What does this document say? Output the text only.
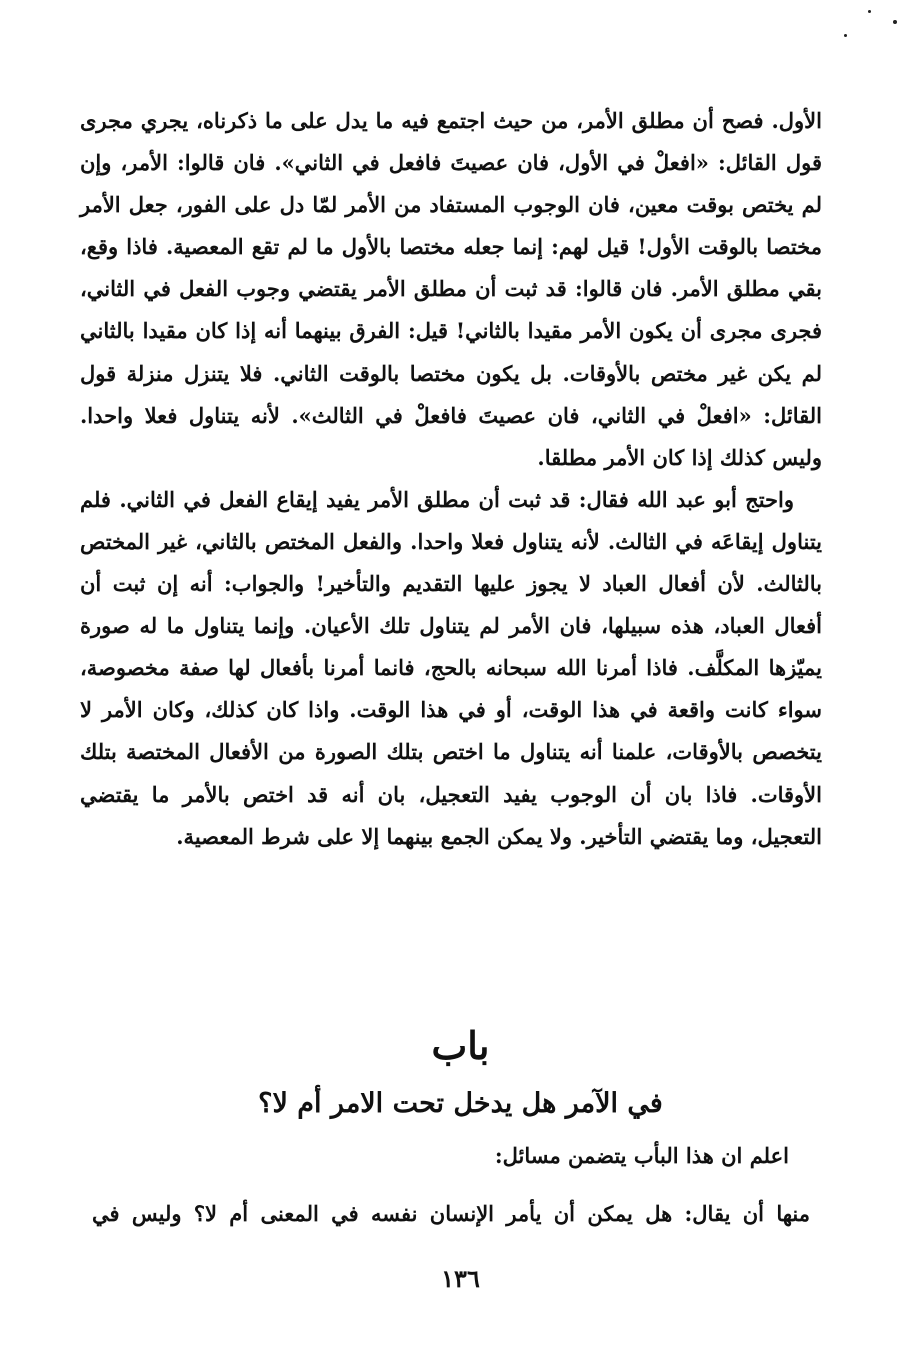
الأول. فصح أن مطلق الأمر، من حيث اجتمع فيه ما يدل على ما ذكرناه، يجري مجرى قول القائل: «افعلْ في الأول، فان عصيتَ فافعل في الثاني». فان قالوا: الأمر، وإن لم يختص بوقت معين، فان الوجوب المستفاد من الأمر لمّا دل على الفور، جعل الأمر مختصا بالوقت الأول! قيل لهم: إنما جعله مختصا بالأول ما لم تقع المعصية. فاذا وقع، بقي مطلق الأمر. فان قالوا: قد ثبت أن مطلق الأمر يقتضي وجوب الفعل في الثاني، فجرى مجرى أن يكون الأمر مقيدا بالثاني! قيل: الفرق بينهما أنه إذا كان مقيدا بالثاني لم يكن غير مختص بالأوقات. بل يكون مختصا بالوقت الثاني. فلا يتنزل منزلة قول القائل: «افعلْ في الثاني، فان عصيتَ فافعلْ في الثالث». لأنه يتناول فعلا واحدا. وليس كذلك إذا كان الأمر مطلقا.

واحتج أبو عبد الله فقال: قد ثبت أن مطلق الأمر يفيد إيقاع الفعل في الثاني. فلم يتناول إيقاعَه في الثالث. لأنه يتناول فعلا واحدا. والفعل المختص بالثاني، غير المختص بالثالث. لأن أفعال العباد لا يجوز عليها التقديم والتأخير! والجواب: أنه إن ثبت أن أفعال العباد، هذه سبيلها، فان الأمر لم يتناول تلك الأعيان. وإنما يتناول ما له صورة يميّزها المكلَّف. فاذا أمرنا الله سبحانه بالحج، فانما أمرنا بأفعال لها صفة مخصوصة، سواء كانت واقعة في هذا الوقت، أو في هذا الوقت. واذا كان كذلك، وكان الأمر لا يتخصص بالأوقات، علمنا أنه يتناول ما اختص بتلك الصورة من الأفعال المختصة بتلك الأوقات. فاذا بان أن الوجوب يفيد التعجيل، بان أنه قد اختص بالأمر ما يقتضي التعجيل، وما يقتضي التأخير. ولا يمكن الجمع بينهما إلا على شرط المعصية.

باب
في الآمر هل يدخل تحت الامر أم لا؟
اعلم ان هذا البأب يتضمن مسائل:
منها أن يقال: هل يمكن أن يأمر الإنسان نفسه في المعنى أم لا؟ وليس في
١٣٦
